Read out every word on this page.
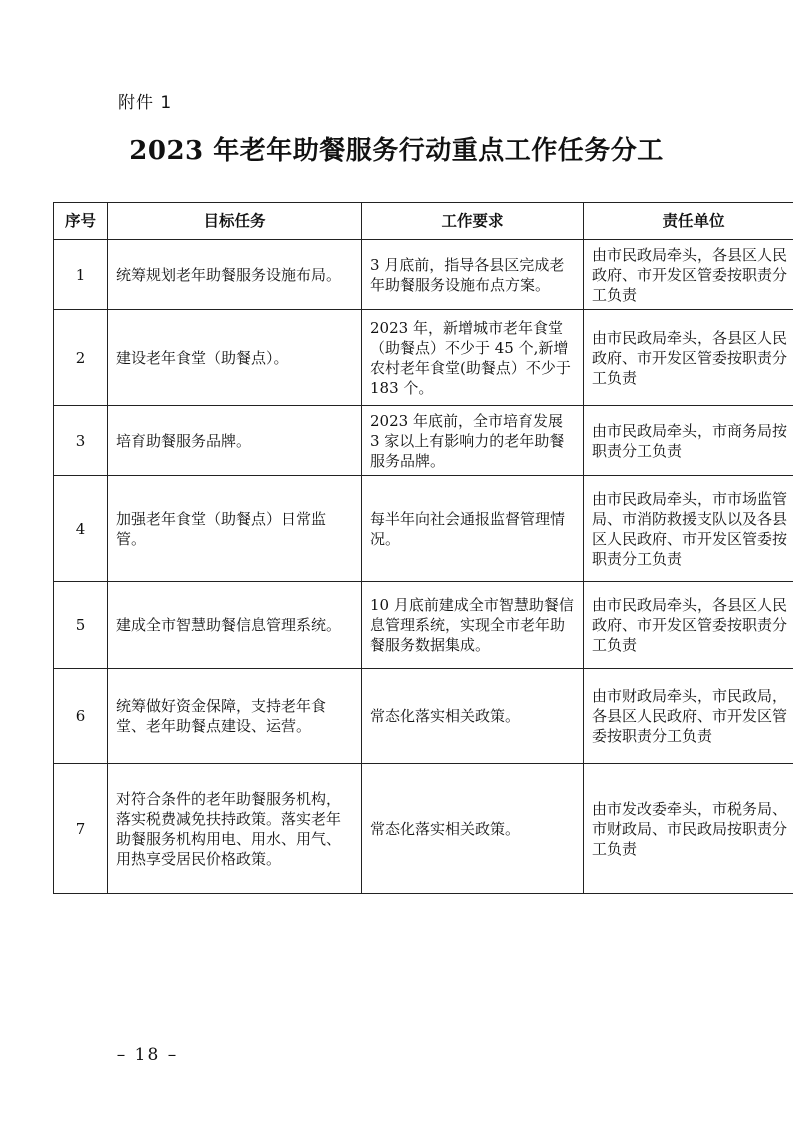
附件 1
2023 年老年助餐服务行动重点工作任务分工
序号	目标任务	工作要求	责任单位
1	统筹规划老年助餐服务设施布局。	3 月底前，指导各县区完成老年助餐服务设施布点方案。	由市民政局牵头，各县区人民政府、市开发区管委按职责分工负责
2	建设老年食堂（助餐点）。	2023 年，新增城市老年食堂（助餐点）不少于 45 个,新增农村老年食堂(助餐点）不少于 183 个。	由市民政局牵头，各县区人民政府、市开发区管委按职责分工负责
3	培育助餐服务品牌。	2023 年底前，全市培育发展 3 家以上有影响力的老年助餐服务品牌。	由市民政局牵头，市商务局按职责分工负责
4	加强老年食堂（助餐点）日常监管。	每半年向社会通报监督管理情况。	由市民政局牵头，市市场监管局、市消防救援支队以及各县区人民政府、市开发区管委按职责分工负责
5	建成全市智慧助餐信息管理系统。	10 月底前建成全市智慧助餐信息管理系统，实现全市老年助餐服务数据集成。	由市民政局牵头，各县区人民政府、市开发区管委按职责分工负责
6	统筹做好资金保障，支持老年食堂、老年助餐点建设、运营。	常态化落实相关政策。	由市财政局牵头，市民政局，各县区人民政府、市开发区管委按职责分工负责
7	对符合条件的老年助餐服务机构，落实税费减免扶持政策。落实老年助餐服务机构用电、用水、用气、用热享受居民价格政策。	常态化落实相关政策。	由市发改委牵头，市税务局、市财政局、市民政局按职责分工负责
– 18 –
